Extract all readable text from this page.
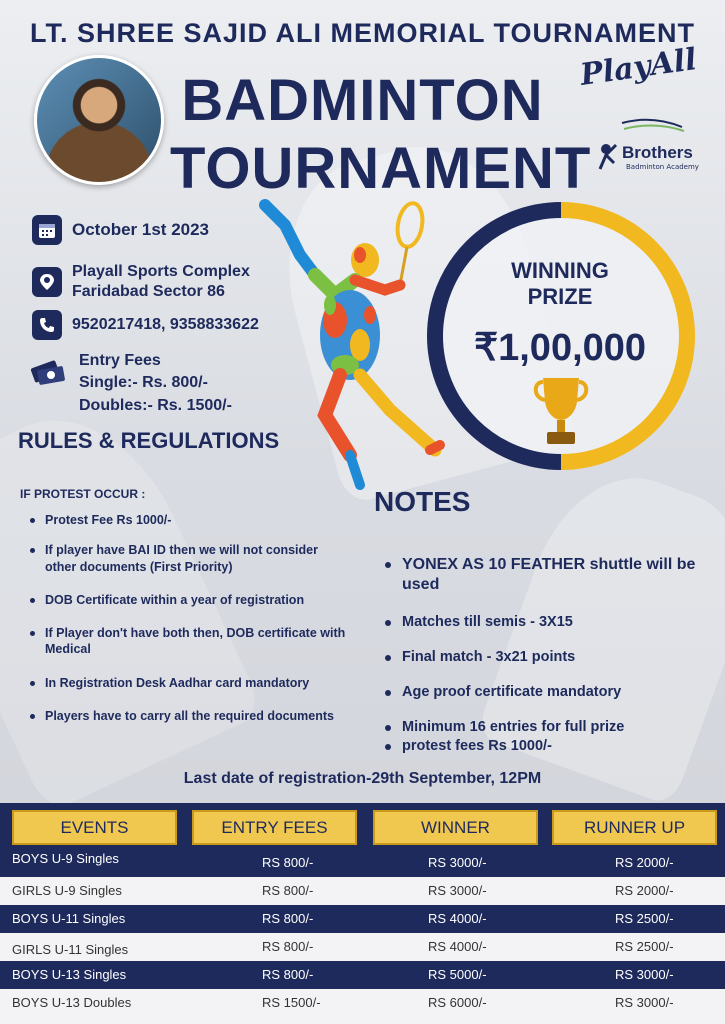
LT. SHREE SAJID ALI MEMORIAL TOURNAMENT
BADMINTON
TOURNAMENT
PlayAll
Brothers
Badminton Academy
October 1st 2023
Playall Sports Complex
Faridabad Sector 86
9520217418, 9358833622
Entry Fees
Single:- Rs. 800/-
Doubles:- Rs. 1500/-
WINNING
PRIZE
₹1,00,000
RULES & REGULATIONS
IF PROTEST OCCUR :
Protest Fee Rs 1000/-
If player have BAI ID then we will not consider other documents (First Priority)
DOB Certificate within a year of registration
If Player don't have both then, DOB certificate with Medical
In Registration Desk Aadhar card mandatory
Players have to carry all the required documents
NOTES
YONEX AS 10 FEATHER shuttle will be used
Matches till semis - 3X15
Final match - 3x21 points
Age proof certificate mandatory
Minimum 16 entries for full prize
protest fees Rs 1000/-
Last date of registration-29th September, 12PM
EVENTS	ENTRY FEES	WINNER	RUNNER UP
BOYS U-9 Singles	RS 800/-	RS 3000/-	RS 2000/-
GIRLS U-9 Singles	RS 800/-	RS 3000/-	RS 2000/-
BOYS U-11 Singles	RS 800/-	RS 4000/-	RS 2500/-
GIRLS U-11 Singles	RS 800/-	RS 4000/-	RS 2500/-
BOYS U-13 Singles	RS 800/-	RS 5000/-	RS 3000/-
BOYS U-13 Doubles	RS 1500/-	RS 6000/-	RS 3000/-
